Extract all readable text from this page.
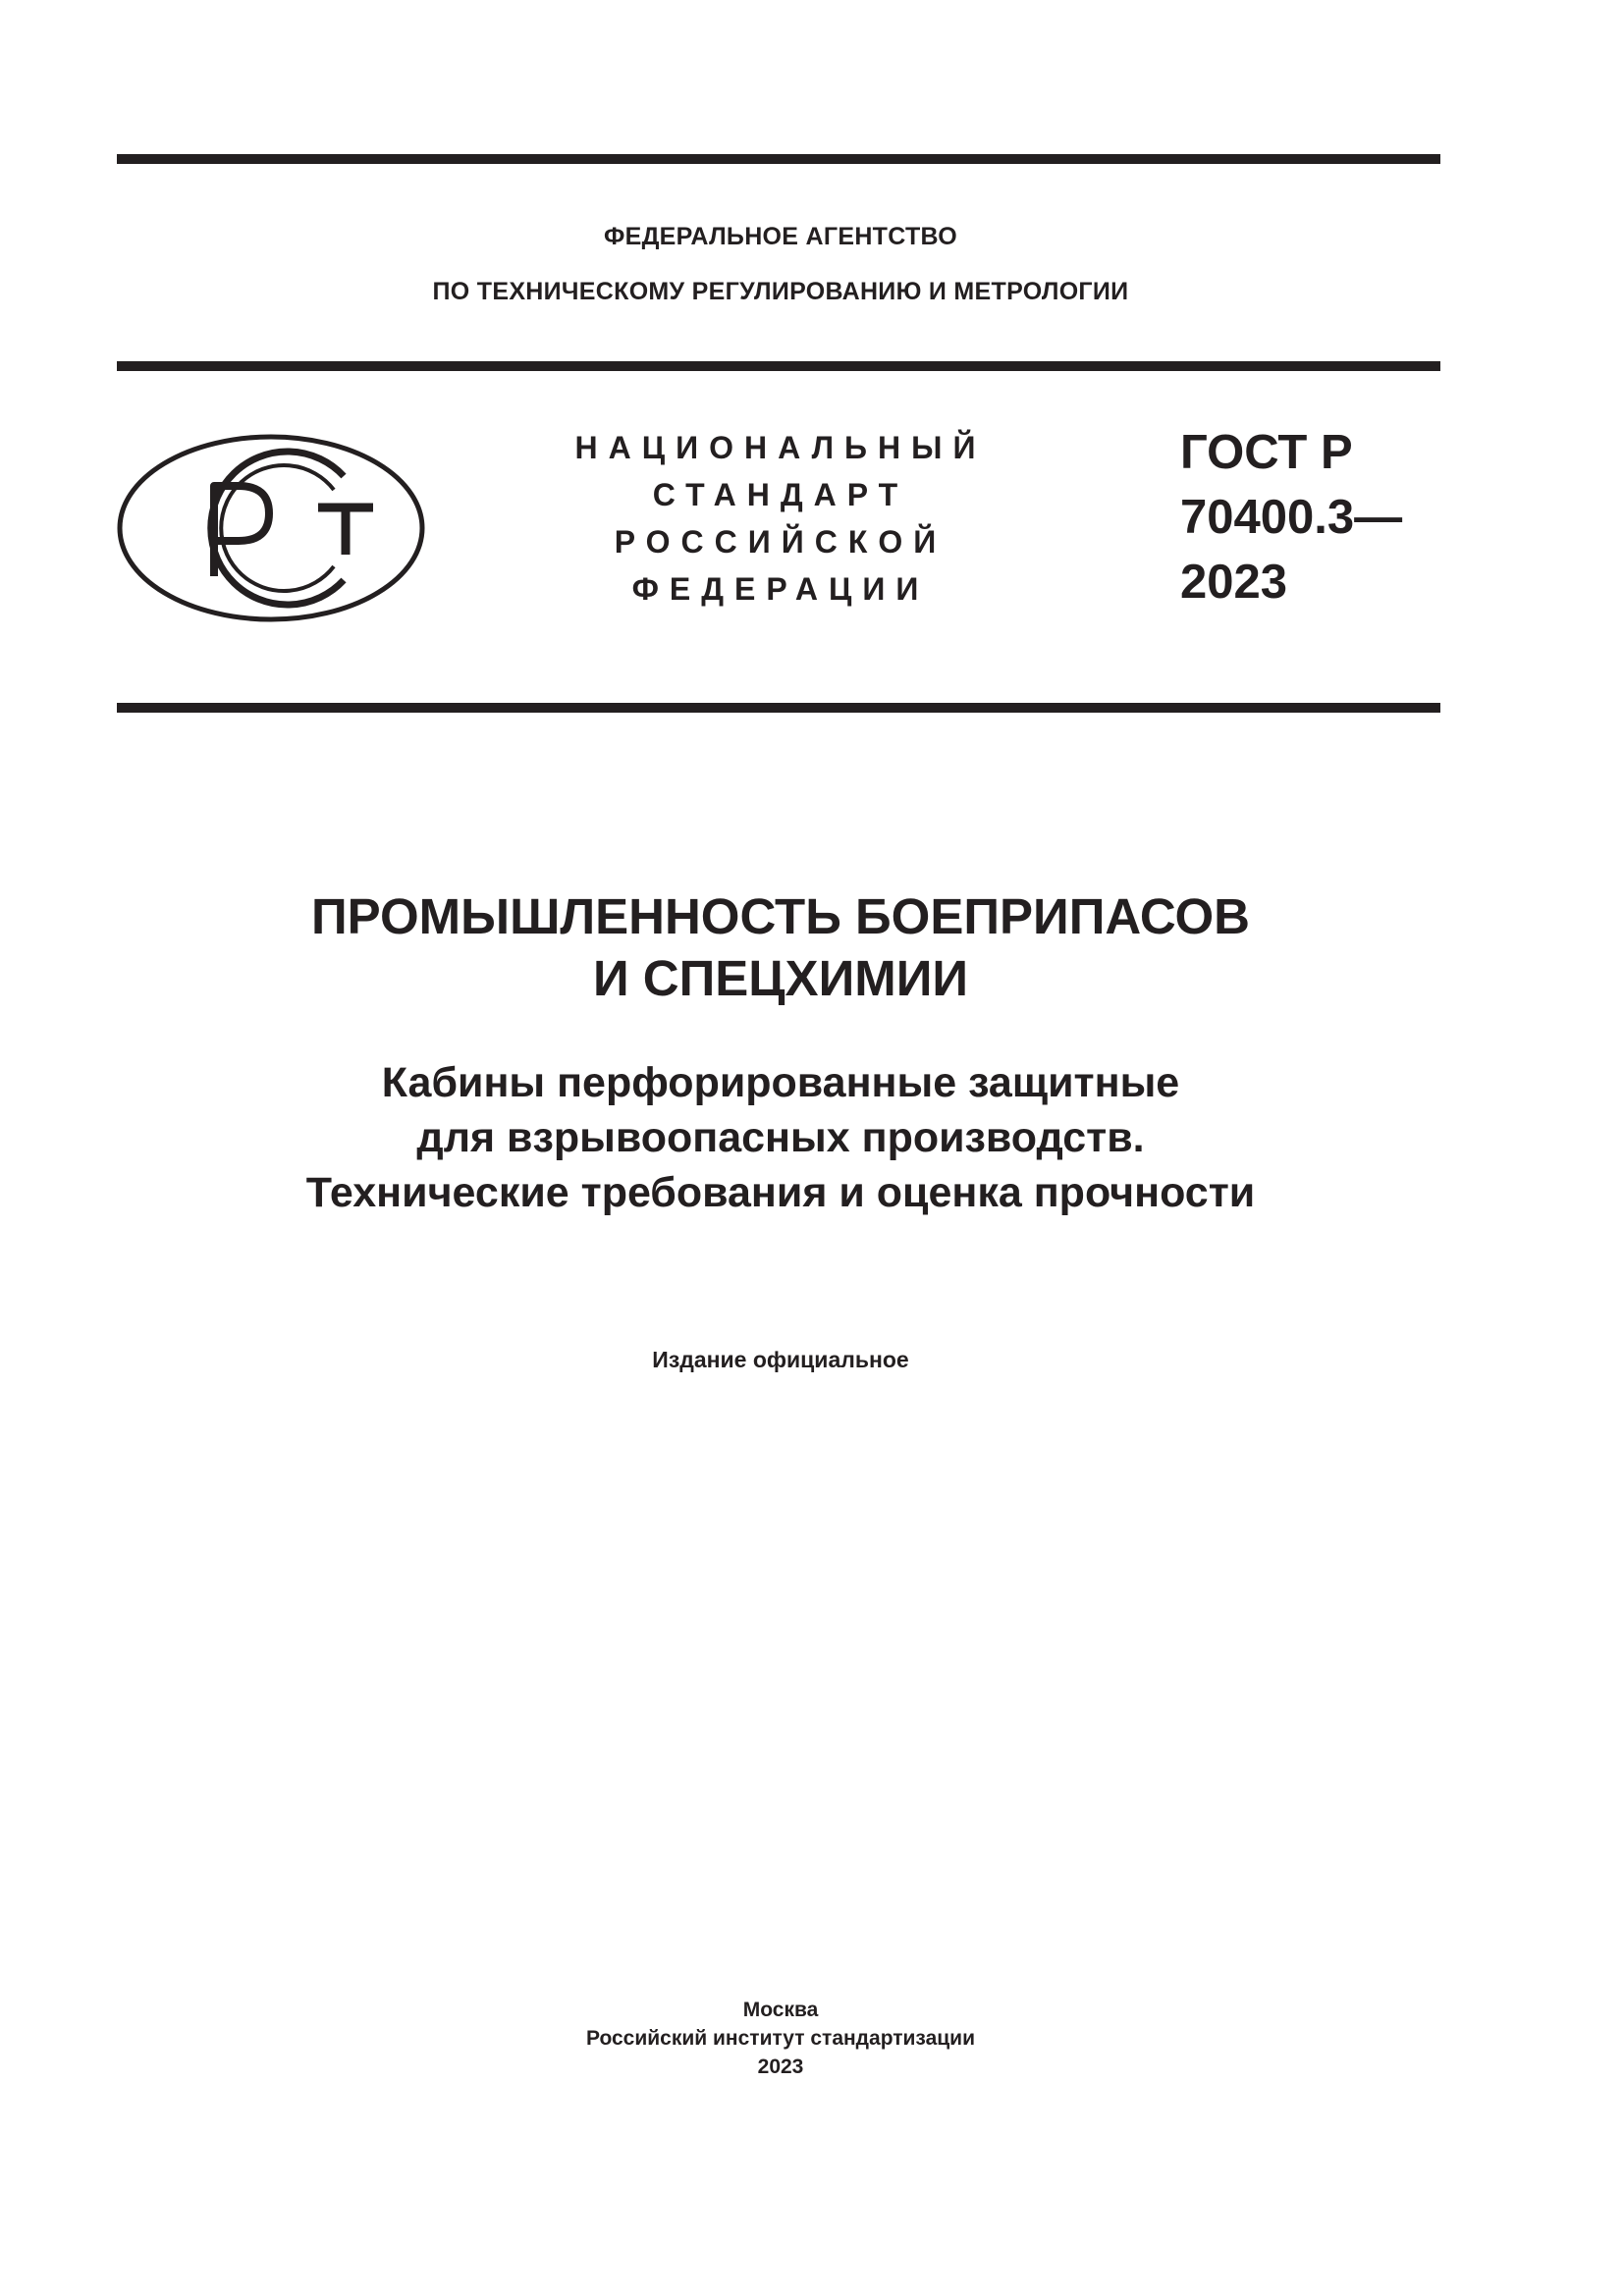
ФЕДЕРАЛЬНОЕ АГЕНТСТВО
ПО ТЕХНИЧЕСКОМУ РЕГУЛИРОВАНИЮ И МЕТРОЛОГИИ
НАЦИОНАЛЬНЫЙ
СТАНДАРТ
РОССИЙСКОЙ
ФЕДЕРАЦИИ
ГОСТ Р
70400.3—
2023
ПРОМЫШЛЕННОСТЬ БОЕПРИПАСОВ
И СПЕЦХИМИИ
Кабины перфорированные защитные
для взрывоопасных производств.
Технические требования и оценка прочности
Издание официальное
Москва
Российский институт стандартизации
2023
